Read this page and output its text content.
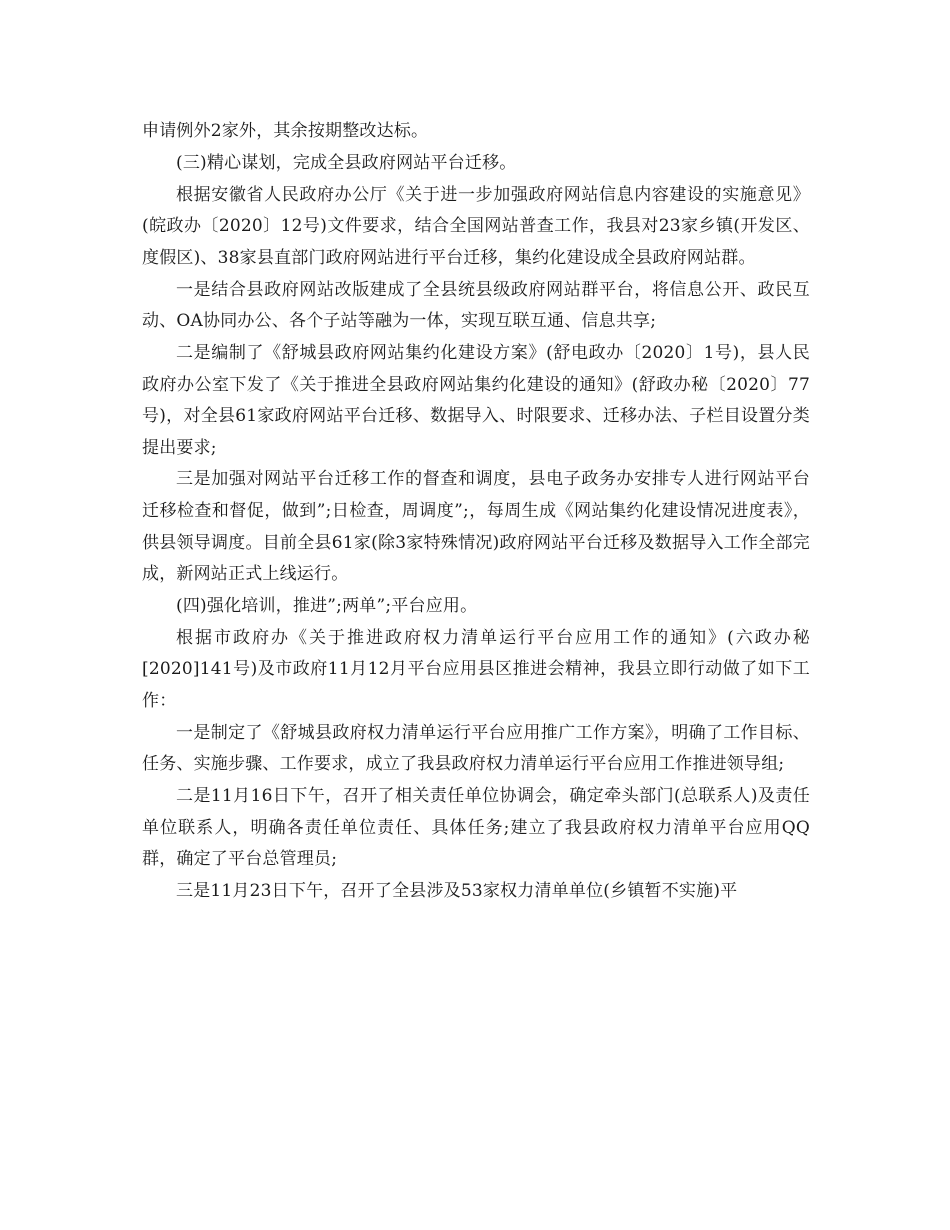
申请例外2家外，其余按期整改达标。

(三)精心谋划，完成全县政府网站平台迁移。

根据安徽省人民政府办公厅《关于进一步加强政府网站信息内容建设的实施意见》(皖政办〔2020〕12号)文件要求，结合全国网站普查工作，我县对23家乡镇(开发区、度假区)、38家县直部门政府网站进行平台迁移，集约化建设成全县政府网站群。

一是结合县政府网站改版建成了全县统县级政府网站群平台，将信息公开、政民互动、OA协同办公、各个子站等融为一体，实现互联互通、信息共享;

二是编制了《舒城县政府网站集约化建设方案》(舒电政办〔2020〕1号)，县人民政府办公室下发了《关于推进全县政府网站集约化建设的通知》(舒政办秘〔2020〕77号)，对全县61家政府网站平台迁移、数据导入、时限要求、迁移办法、子栏目设置分类提出要求;

三是加强对网站平台迁移工作的督查和调度，县电子政务办安排专人进行网站平台迁移检查和督促，做到”;日检查，周调度”;，每周生成《网站集约化建设情况进度表》，供县领导调度。目前全县61家(除3家特殊情况)政府网站平台迁移及数据导入工作全部完成，新网站正式上线运行。

(四)强化培训，推进”;两单”;平台应用。

根据市政府办《关于推进政府权力清单运行平台应用工作的通知》(六政办秘[2020]141号)及市政府11月12月平台应用县区推进会精神，我县立即行动做了如下工作：

一是制定了《舒城县政府权力清单运行平台应用推广工作方案》，明确了工作目标、任务、实施步骤、工作要求，成立了我县政府权力清单运行平台应用工作推进领导组;

二是11月16日下午，召开了相关责任单位协调会，确定牵头部门(总联系人)及责任单位联系人，明确各责任单位责任、具体任务;建立了我县政府权力清单平台应用QQ群，确定了平台总管理员;

三是11月23日下午，召开了全县涉及53家权力清单单位(乡镇暂不实施)平
